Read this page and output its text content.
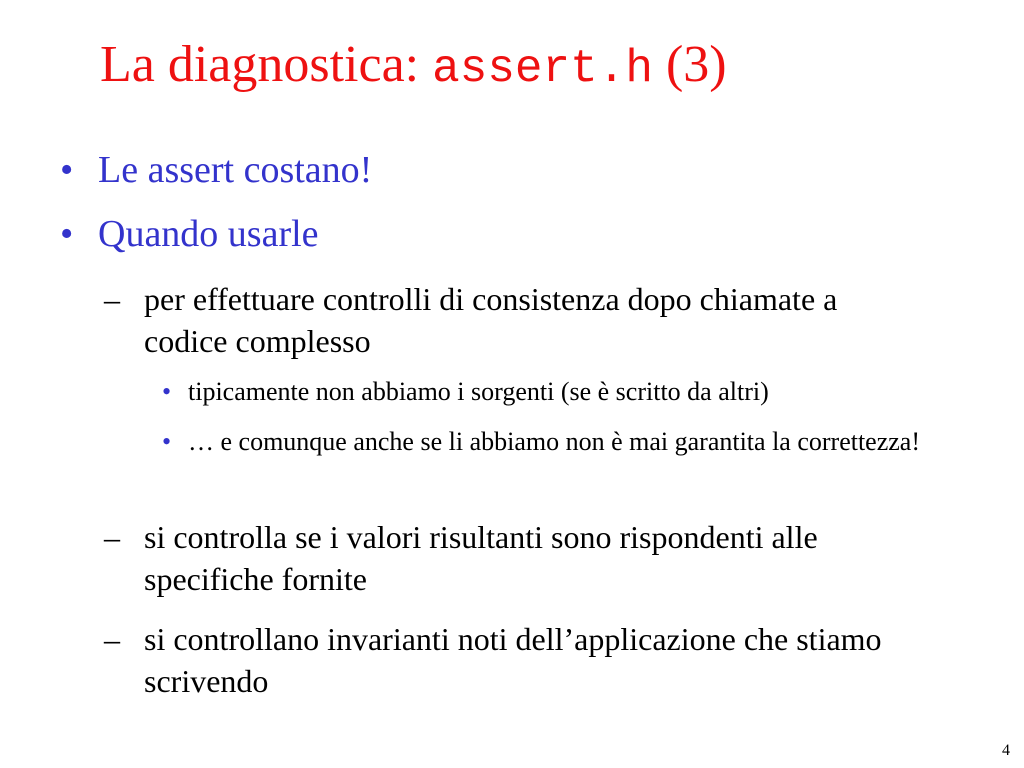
La diagnostica: assert.h (3)
• Le assert costano!
• Quando usarle
– per effettuare controlli di consistenza dopo chiamate a codice complesso
• tipicamente non abbiamo i sorgenti (se è scritto da altri)
• … e comunque anche se li abbiamo non è mai garantita la correttezza!
– si controlla se i valori risultanti sono rispondenti alle specifiche fornite
– si controllano invarianti noti dell’applicazione che stiamo scrivendo
4
